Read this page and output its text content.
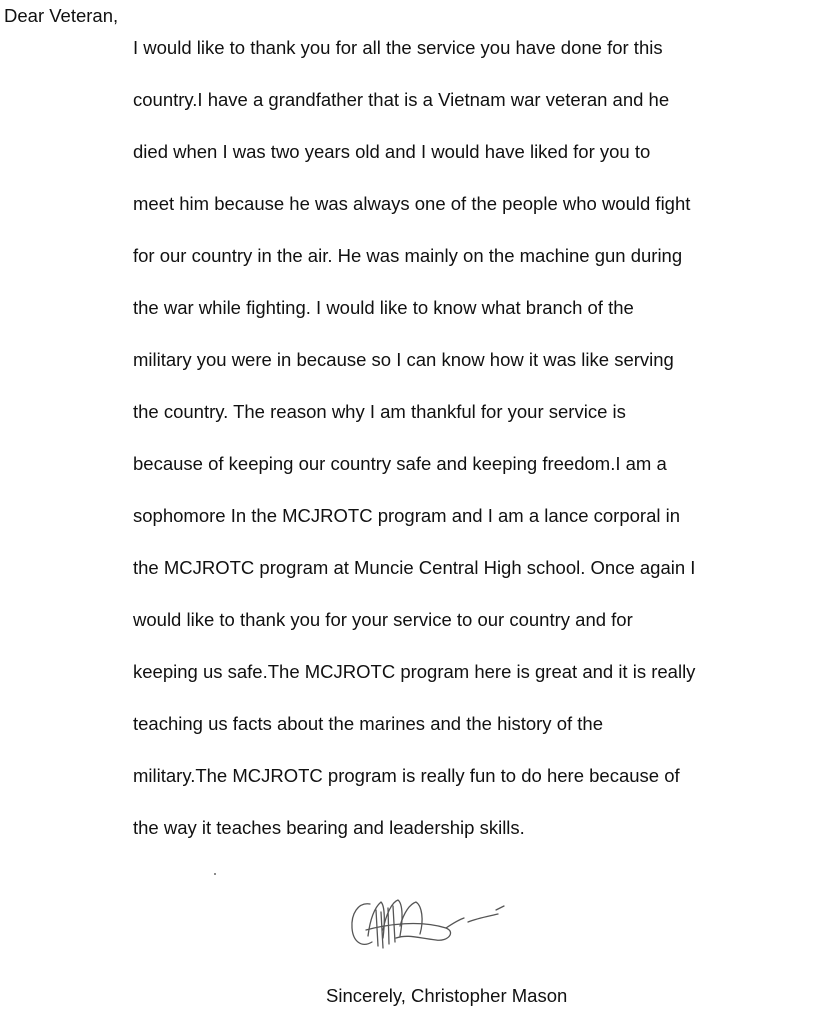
Dear Veteran,

I would like to thank you for all the service you have done for this

country.I have a grandfather that is a Vietnam war veteran and he

died when I was two years old and I would have liked for you to

meet him because he was always one of the people who would fight

for our country in the air. He was mainly on the machine gun during

the war while fighting. I would like to know what branch of the

military you were in because so I can know how it was like serving

the country. The reason why I am thankful for your service is

because of keeping our country safe and keeping freedom.I am a

sophomore In the MCJROTC program and I am a lance corporal in

the MCJROTC program at Muncie Central High school. Once again I

would like to thank you for your service to our country and for

keeping us safe.The MCJROTC program here is great and it is really

teaching us facts about the marines and the history of the

military.The MCJROTC program is really fun to do here because of

the way it teaches bearing and leadership skills.

Sincerely, Christopher Mason
